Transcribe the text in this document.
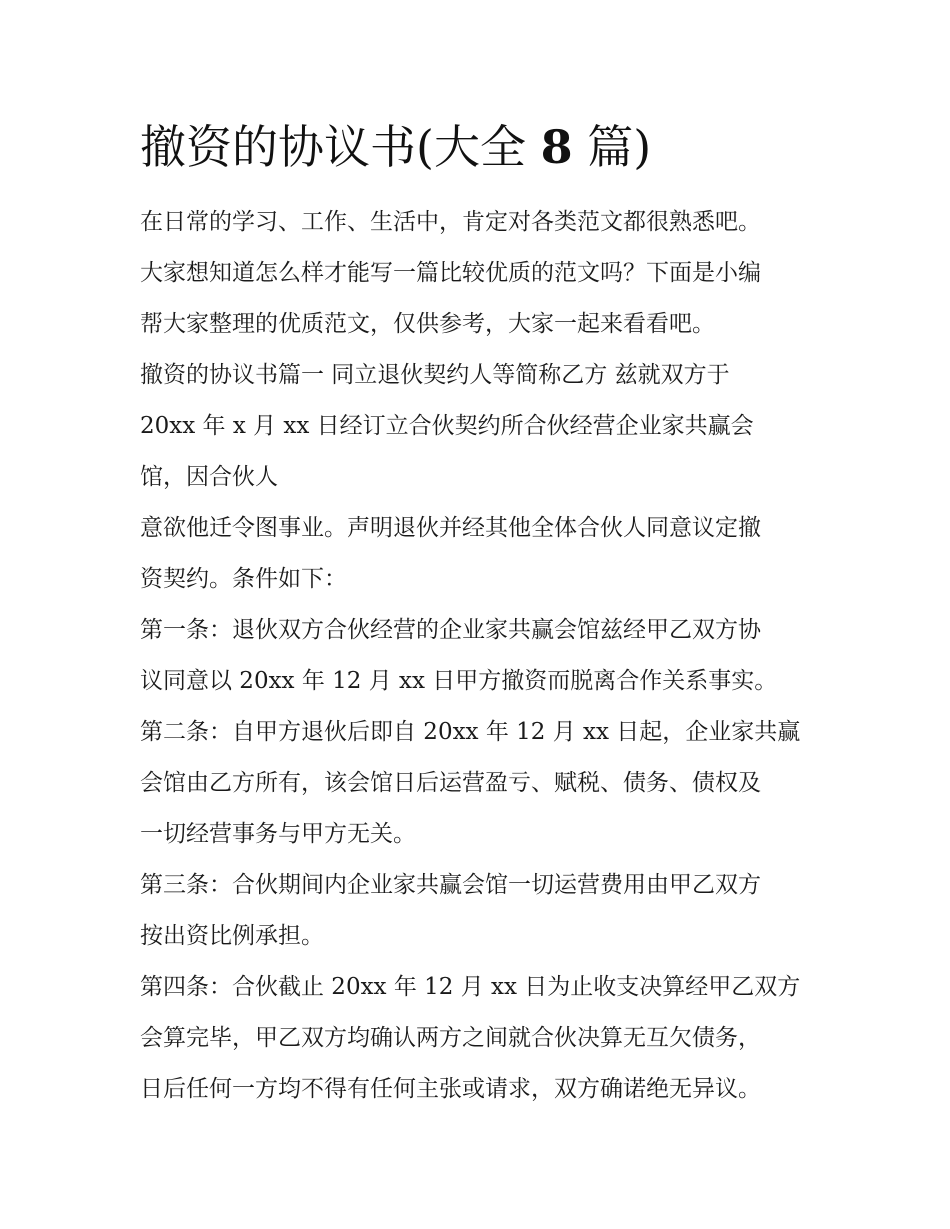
撤资的协议书(大全 8 篇)

在日常的学习、工作、生活中，肯定对各类范文都很熟悉吧。

大家想知道怎么样才能写一篇比较优质的范文吗？下面是小编

帮大家整理的优质范文，仅供参考，大家一起来看看吧。

撤资的协议书篇一 同立退伙契约人等简称乙方 兹就双方于

20xx 年 x 月 xx 日经订立合伙契约所合伙经营企业家共赢会

馆，因合伙人

意欲他迁令图事业。声明退伙并经其他全体合伙人同意议定撤

资契约。条件如下：

第一条：退伙双方合伙经营的企业家共赢会馆兹经甲乙双方协

议同意以 20xx 年 12 月 xx 日甲方撤资而脱离合作关系事实。

第二条：自甲方退伙后即自 20xx 年 12 月 xx 日起，企业家共赢

会馆由乙方所有，该会馆日后运营盈亏、赋税、债务、债权及

一切经营事务与甲方无关。

第三条：合伙期间内企业家共赢会馆一切运营费用由甲乙双方

按出资比例承担。

第四条：合伙截止 20xx 年 12 月 xx 日为止收支决算经甲乙双方

会算完毕，甲乙双方均确认两方之间就合伙决算无互欠债务，

日后任何一方均不得有任何主张或请求，双方确诺绝无异议。
